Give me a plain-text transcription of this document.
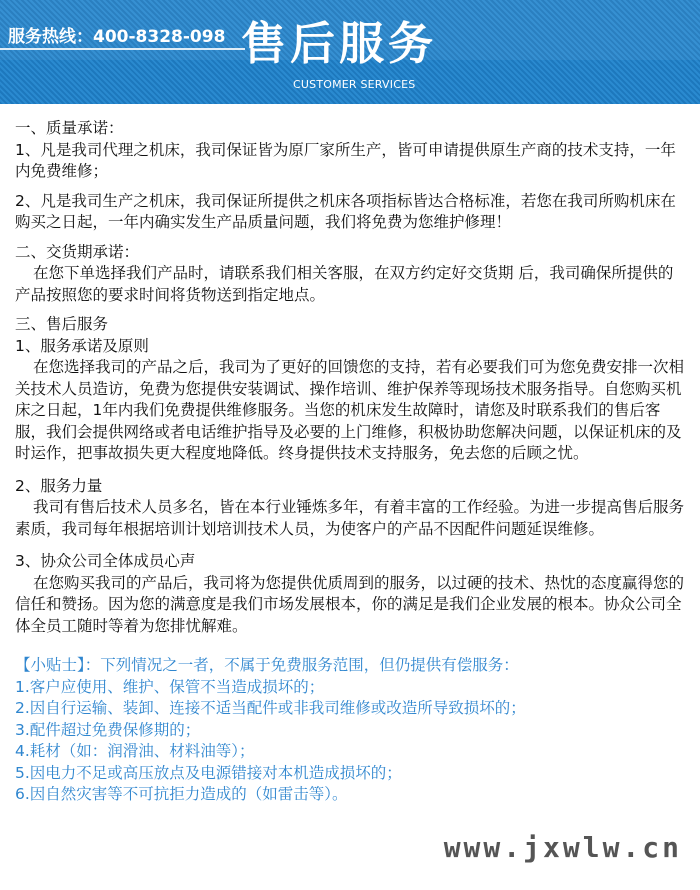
服务热线：400-8328-098 售后服务
CUSTOMER SERVICES

一、质量承诺：

1、凡是我司代理之机床，我司保证皆为原厂家所生产，皆可申请提供原生产商的技术支持，一年内免费维修；

2、凡是我司生产之机床，我司保证所提供之机床各项指标皆达合格标准，若您在我司所购机床在购买之日起，一年内确实发生产品质量问题，我们将免费为您维护修理！

二、交货期承诺：

在您下单选择我们产品时，请联系我们相关客服，在双方约定好交货期 后，我司确保所提供的产品按照您的要求时间将货物送到指定地点。

三、售后服务

1、服务承诺及原则

在您选择我司的产品之后，我司为了更好的回馈您的支持，若有必要我们可为您免费安排一次相关技术人员造访，免费为您提供安装调试、操作培训、维护保养等现场技术服务指导。自您购买机床之日起，1年内我们免费提供维修服务。当您的机床发生故障时，请您及时联系我们的售后客服，我们会提供网络或者电话维护指导及必要的上门维修，积极协助您解决问题，以保证机床的及时运作，把事故损失更大程度地降低。终身提供技术支持服务，免去您的后顾之忧。

2、服务力量

我司有售后技术人员多名，皆在本行业锤炼多年，有着丰富的工作经验。为进一步提高售后服务素质，我司每年根据培训计划培训技术人员，为使客户的产品不因配件问题延误维修。

3、协众公司全体成员心声

在您购买我司的产品后，我司将为您提供优质周到的服务，以过硬的技术、热忱的态度赢得您的信任和赞扬。因为您的满意度是我们市场发展根本，你的满足是我们企业发展的根本。协众公司全体全员工随时等着为您排忧解难。

【小贴士】：下列情况之一者，不属于免费服务范围，但仍提供有偿服务：

1.客户应使用、维护、保管不当造成损坏的；

2.因自行运输、装卸、连接不适当配件或非我司维修或改造所导致损坏的；

3.配件超过免费保修期的；

4.耗材（如：润滑油、材料油等）；

5.因电力不足或高压放点及电源错接对本机造成损坏的；

6.因自然灾害等不可抗拒力造成的（如雷击等）。

www.jxwlw.cn
